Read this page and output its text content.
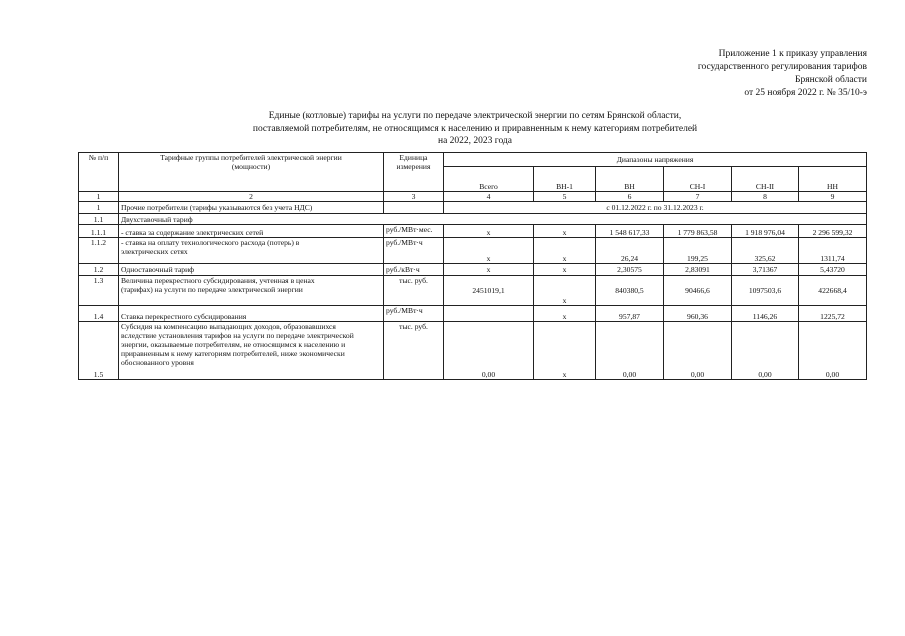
Приложение 1 к приказу управления
государственного регулирования тарифов
Брянской области
от 25 ноября 2022 г. № 35/10-э
Единые (котловые) тарифы на услуги по передаче электрической энергии по сетям Брянской области,
поставляемой потребителям, не относящимся к населению и приравненным к нему категориям потребителей
на 2022, 2023 года
№ п/п	Тарифные группы потребителей электрической энергии (мощности)	Единица измерения	Диапазоны напряжения					
			Всего	ВН-1	ВН	СН-I	СН-II	НН
1	2	3	4	5	6	7	8	9
1	Прочие потребители (тарифы указываются без учета НДС)		с 01.12.2022 г. по 31.12.2023 г.					
1.1	Двухставочный тариф							
1.1.1	- ставка за содержание электрических сетей	руб./МВт·мес.	х	х	1 548 617,33	1 779 863,58	1 918 976,04	2 296 599,32
1.1.2	- ставка на оплату технологического расхода (потерь) в электрических сетях	руб./МВт·ч	х	х	26,24	199,25	325,62	1311,74
1.2	Одноставочный тариф	руб./кВт·ч	х	х	2,30575	2,83091	3,71367	5,43720
1.3	Величина перекрестного субсидирования, учтенная в ценах (тарифах) на услуги по передаче электрической энергии	тыс. руб.	2451019,1	х	840380,5	90466,6	1097503,6	422668,4
1.4	Ставка перекрестного субсидирования	руб./МВт·ч		х	957,87	960,36	1146,26	1225,72
1.5	Субсидия на компенсацию выпадающих доходов, образовавшихся вследствие установления тарифов на услуги по передаче электрической энергии, оказываемые потребителям, не относящимся к населению и приравненным к нему категориям потребителей, ниже экономически обоснованного уровня	тыс. руб.	0,00	х	0,00	0,00	0,00	0,00
